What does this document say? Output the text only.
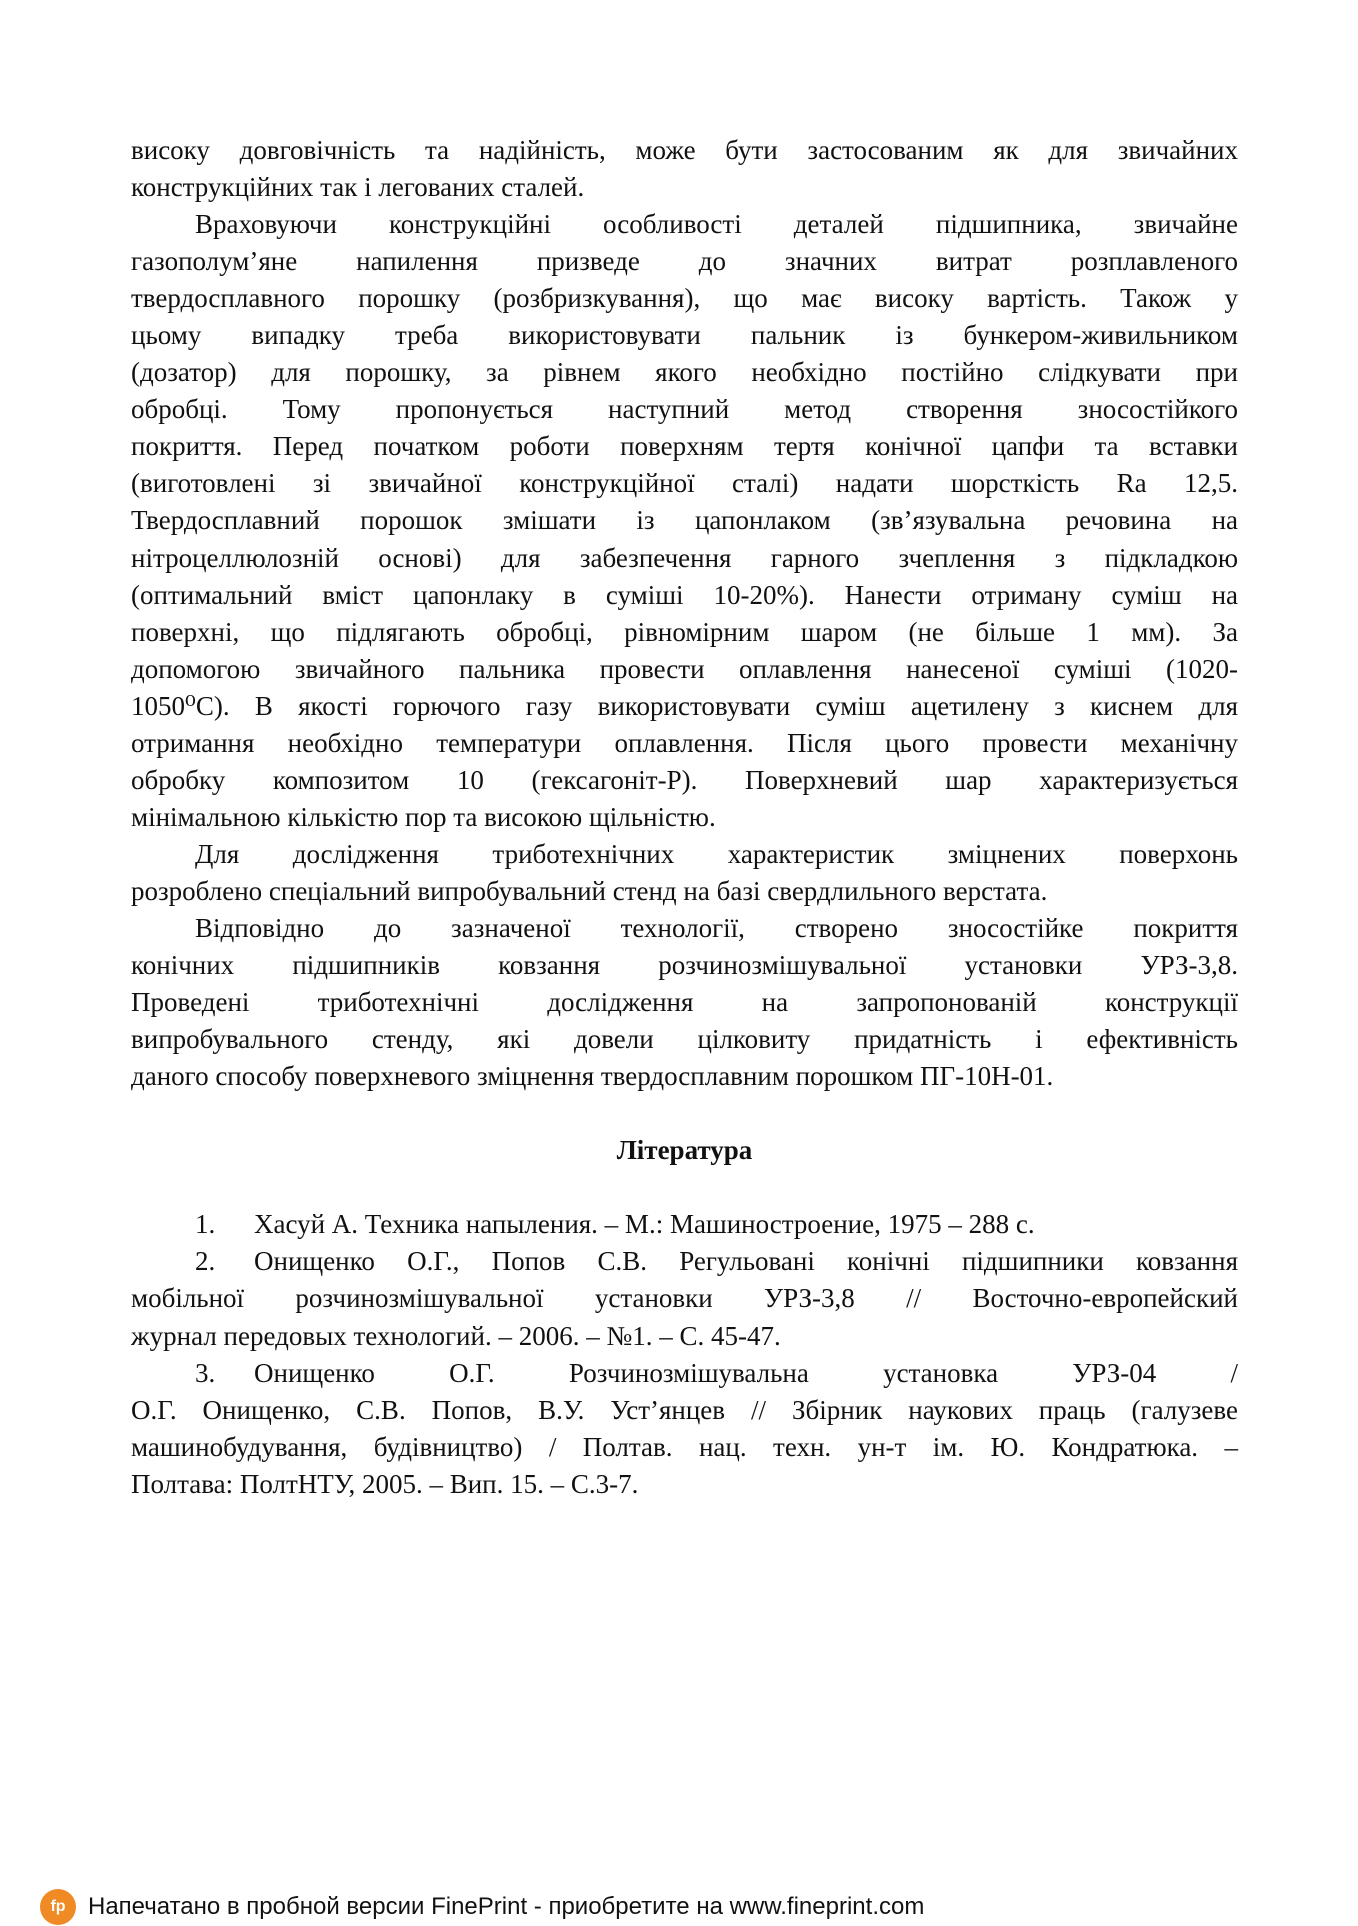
високу довговічність та надійність, може бути застосованим як для звичайних
конструкційних так і легованих сталей.
Враховуючи конструкційні особливості деталей підшипника, звичайне
газополум’яне напилення призведе до значних витрат розплавленого
твердосплавного порошку (розбризкування), що має високу вартість. Також у
цьому випадку треба використовувати пальник із бункером-живильником
(дозатор) для порошку, за рівнем якого необхідно постійно слідкувати при
обробці. Тому пропонується наступний метод створення зносостійкого
покриття. Перед початком роботи поверхням тертя конічної цапфи та вставки
(виготовлені зі звичайної конструкційної сталі) надати шорсткість Ra 12,5.
Твердосплавний порошок змішати із цапонлаком (зв’язувальна речовина на
нітроцеллюлозній основі) для забезпечення гарного зчеплення з підкладкою
(оптимальний вміст цапонлаку в суміші 10-20%). Нанести отриману суміш на
поверхні, що підлягають обробці, рівномірним шаром (не більше 1 мм). За
допомогою звичайного пальника провести оплавлення нанесеної суміші (1020-
1050⁰С). В якості горючого газу використовувати суміш ацетилену з киснем для
отримання необхідно температури оплавлення. Після цього провести механічну
обробку композитом 10 (гексагоніт-Р). Поверхневий шар характеризується
мінімальною кількістю пор та високою щільністю.
Для дослідження триботехнічних характеристик зміцнених поверхонь
розроблено спеціальний випробувальний стенд на базі свердлильного верстата.
Відповідно до зазначеної технології, створено зносостійке покриття
конічних підшипників ковзання розчинозмішувальної установки УРЗ-3,8.
Проведені триботехнічні дослідження на запропонованій конструкції
випробувального стенду, які довели цілковиту придатність і ефективність
даного способу поверхневого зміцнення твердосплавним порошком ПГ-10Н-01.
Література
1. Хасуй А. Техника напыления. – М.: Машиностроение, 1975 – 288 с.
2. Онищенко О.Г., Попов С.В. Регульовані конічні підшипники ковзання
мобільної розчинозмішувальної установки УРЗ-3,8 // Восточно-европейский
журнал передовых технологий. – 2006. – №1. – С. 45-47.
3. Онищенко О.Г. Розчинозмішувальна установка УРЗ-04 /
О.Г. Онищенко, С.В. Попов, В.У. Уст’янцев // Збірник наукових праць (галузеве
машинобудування, будівництво) / Полтав. нац. техн. ун-т ім. Ю. Кондратюка. –
Полтава: ПолтНТУ, 2005. – Вип. 15. – С.3-7.
fp Напечатано в пробной версии FinePrint - приобретите на www.fineprint.com
